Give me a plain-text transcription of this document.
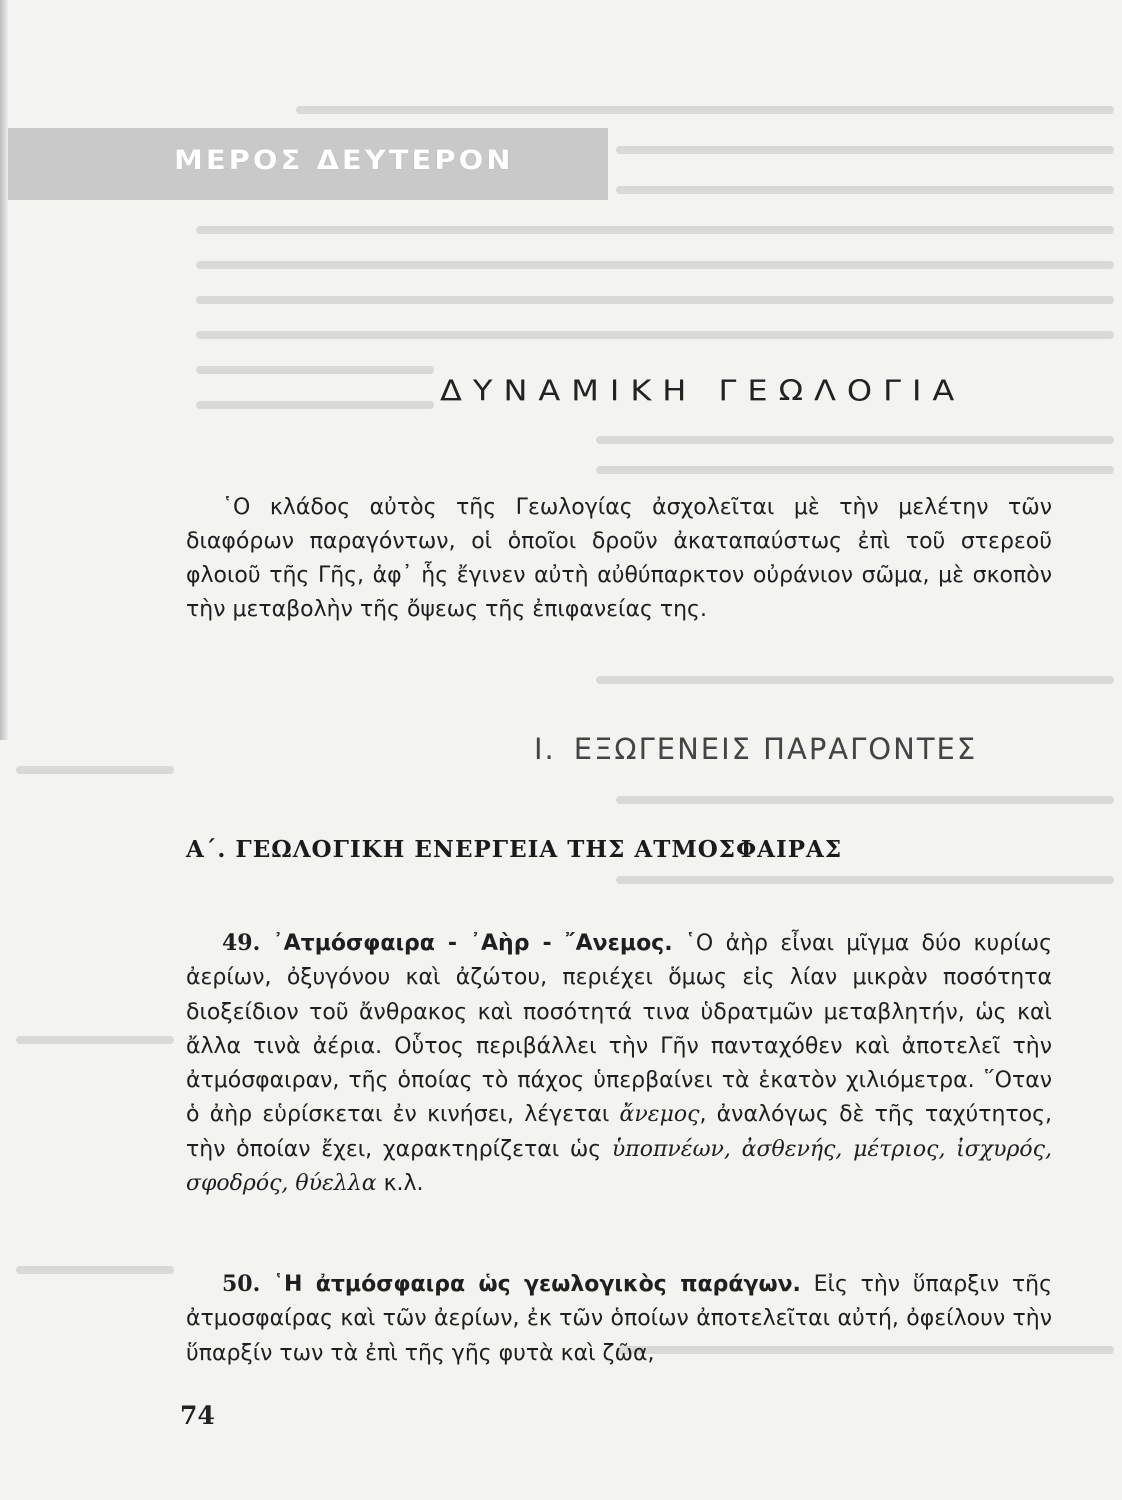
ΜΕΡΟΣ ΔΕΥΤΕΡΟΝ
ΔΥΝΑΜΙΚΗ ΓΕΩΛΟΓΙΑ

῾Ο κλάδος αὐτὸς τῆς Γεωλογίας ἀσχολεῖται μὲ τὴν μελέτην τῶν διαφόρων παραγόντων, οἱ ὁποῖοι δροῦν ἀκαταπαύστως ἐπὶ τοῦ στερεοῦ φλοιοῦ τῆς Γῆς, ἀφ᾽ ἧς ἔγινεν αὐτὴ αὐθύπαρκτον οὐράνιον σῶμα, μὲ σκοπὸν τὴν μεταβολὴν τῆς ὄψεως τῆς ἐπιφανείας της.

Ι. ΕΞΩΓΕΝΕΙΣ ΠΑΡΑΓΟΝΤΕΣ
Α΄. ΓΕΩΛΟΓΙΚΗ ΕΝΕΡΓΕΙΑ ΤΗΣ ΑΤΜΟΣΦΑΙΡΑΣ

49. ᾿Ατμόσφαιρα - ᾿Αὴρ - ῎Ανεμος. ῾Ο ἀὴρ εἶναι μῖγμα δύο κυρίως ἀερίων, ὀξυγόνου καὶ ἀζώτου, περιέχει ὅμως εἰς λίαν μικρὰν ποσότητα διοξείδιον τοῦ ἄνθρακος καὶ ποσότητά τινα ὑδρατμῶν μεταβλητήν, ὡς καὶ ἄλλα τινὰ ἀέρια. Οὗτος περιβάλλει τὴν Γῆν πανταχόθεν καὶ ἀποτελεῖ τὴν ἀτμόσφαιραν, τῆς ὁποίας τὸ πάχος ὑπερβαίνει τὰ ἑκατὸν χιλιόμετρα. ῞Οταν ὁ ἀὴρ εὑρίσκεται ἐν κινήσει, λέγεται ἄνεμος, ἀναλόγως δὲ τῆς ταχύτητος, τὴν ὁποίαν ἔχει, χαρακτηρίζεται ὡς ὑποπνέων, ἀσθενής, μέτριος, ἰσχυρός, σφοδρός, θύελλα κ.λ.

50. ῾Η ἀτμόσφαιρα ὡς γεωλογικὸς παράγων. Εἰς τὴν ὕπαρξιν τῆς ἀτμοσφαίρας καὶ τῶν ἀερίων, ἐκ τῶν ὁποίων ἀποτελεῖται αὐτή, ὀφείλουν τὴν ὕπαρξίν των τὰ ἐπὶ τῆς γῆς φυτὰ καὶ ζῶα,

74
